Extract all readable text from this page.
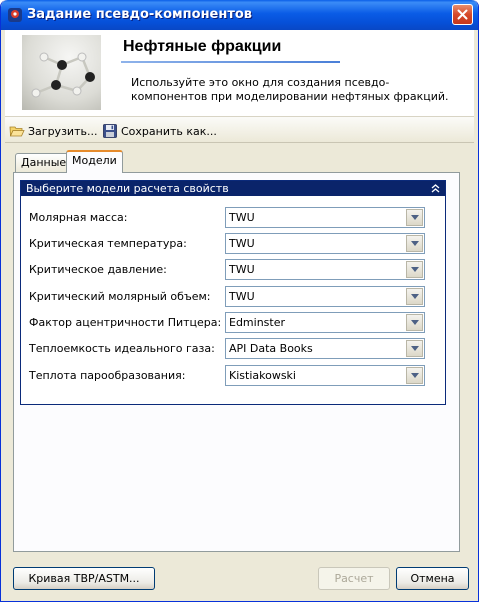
Задание псевдо-компонентов
Нефтяные фракции
Используйте это окно для создания псевдо-компонентов при моделировании нефтяных фракций.
Загрузить... Сохранить как...
Данные Модели
Выберите модели расчета свойств
Молярная масса:	TWU
Критическая температура:	TWU
Критическое давление:	TWU
Критический молярный объем: TWU
Фактор ацентричности Питцера: Edminster
Теплоемкость идеального газа: API Data Books
Теплота парообразования:	Kistiakowski
Кривая TBP/ASTM...	Расчет	Отмена
